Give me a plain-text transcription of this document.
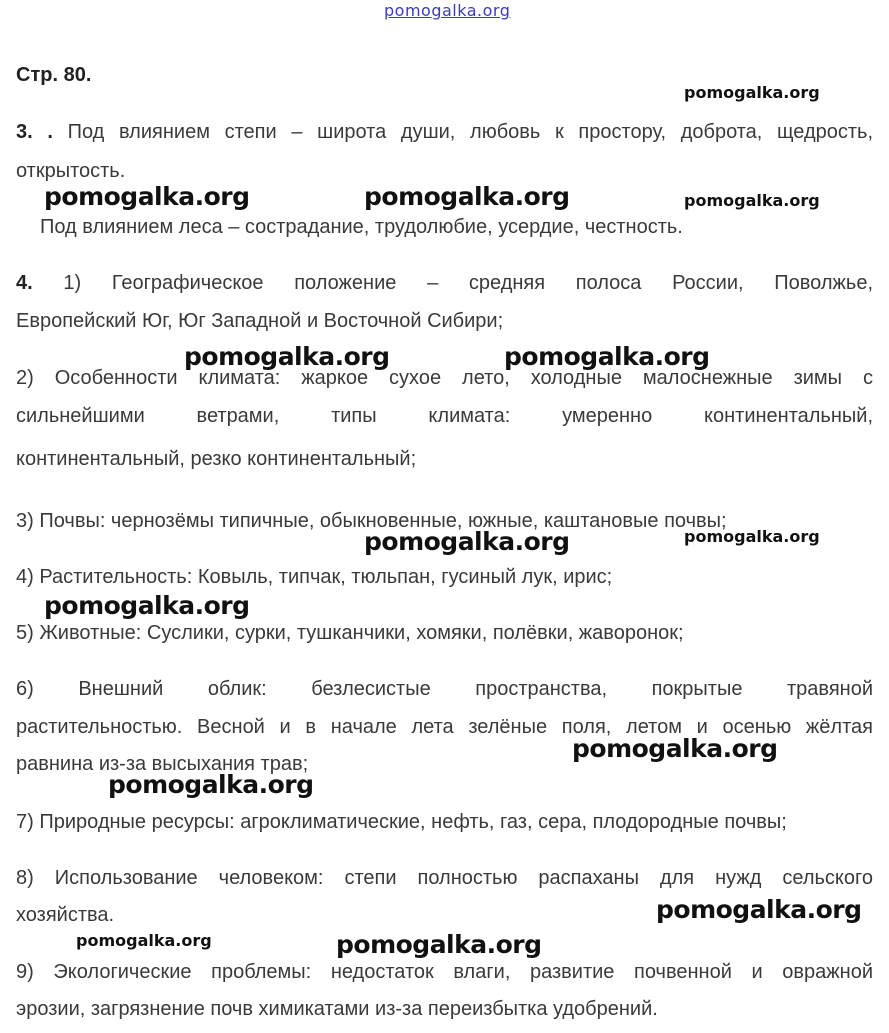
pomogalka.org
Стр. 80.
3. . Под влиянием степи – широта души, любовь к простору, доброта, щедрость,
открытость.
Под влиянием леса – сострадание, трудолюбие, усердие, честность.
4. 1) Географическое положение – средняя полоса России, Поволжье,
Европейский Юг, Юг Западной и Восточной Сибири;
2) Особенности климата: жаркое сухое лето, холодные малоснежные зимы с
сильнейшими ветрами, типы климата: умеренно континентальный,
континентальный, резко континентальный;
3) Почвы: чернозёмы типичные, обыкновенные, южные, каштановые почвы;
4) Растительность: Ковыль, типчак, тюльпан, гусиный лук, ирис;
5) Животные: Суслики, сурки, тушканчики, хомяки, полёвки, жаворонок;
6) Внешний облик: безлесистые пространства, покрытые травяной
растительностью. Весной и в начале лета зелёные поля, летом и осенью жёлтая
равнина из-за высыхания трав;
7) Природные ресурсы: агроклиматические, нефть, газ, сера, плодородные почвы;
8) Использование человеком: степи полностью распаханы для нужд сельского
хозяйства.
9) Экологические проблемы: недостаток влаги, развитие почвенной и овражной
эрозии, загрязнение почв химикатами из-за переизбытка удобрений.
pomogalka.org
pomogalka.org	pomogalka.org	pomogalka.org
pomogalka.org	pomogalka.org
pomogalka.org	pomogalka.org
pomogalka.org
pomogalka.org
pomogalka.org
pomogalka.org
pomogalka.org	pomogalka.org
